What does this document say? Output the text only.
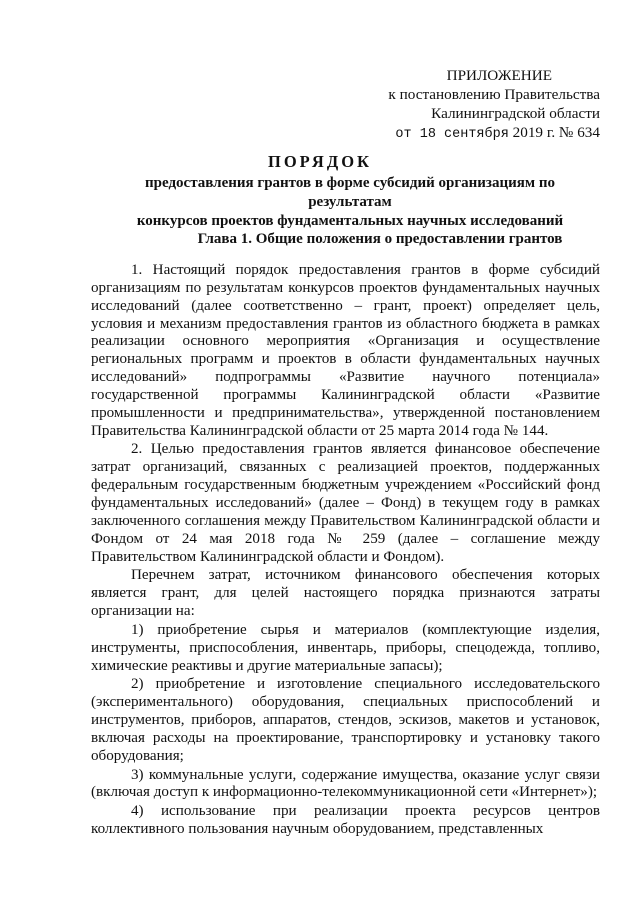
ПРИЛОЖЕНИЕ
к постановлению Правительства
Калининградской области
от 18 сентября 2019 г. № 634
ПОРЯДОК
предоставления грантов в форме субсидий организациям по результатам
конкурсов проектов фундаментальных научных исследований
Глава 1. Общие положения о предоставлении грантов

1. Настоящий порядок предоставления грантов в форме субсидий организациям по результатам конкурсов проектов фундаментальных научных исследований (далее соответственно – грант, проект) определяет цель, условия и механизм предоставления грантов из областного бюджета в рамках реализации основного мероприятия «Организация и осуществление региональных программ и проектов в области фундаментальных научных исследований» подпрограммы «Развитие научного потенциала» государственной программы Калининградской области «Развитие промышленности и предпринимательства», утвержденной постановлением Правительства Калининградской области от 25 марта 2014 года № 144.

2. Целью предоставления грантов является финансовое обеспечение затрат организаций, связанных с реализацией проектов, поддержанных федеральным государственным бюджетным учреждением «Российский фонд фундаментальных исследований» (далее – Фонд) в текущем году в рамках заключенного соглашения между Правительством Калининградской области и Фондом от 24 мая 2018 года № 259 (далее – соглашение между Правительством Калининградской области и Фондом).

Перечнем затрат, источником финансового обеспечения которых является грант, для целей настоящего порядка признаются затраты организации на:

1) приобретение сырья и материалов (комплектующие изделия, инструменты, приспособления, инвентарь, приборы, спецодежда, топливо, химические реактивы и другие материальные запасы);

2) приобретение и изготовление специального исследовательского (экспериментального) оборудования, специальных приспособлений и инструментов, приборов, аппаратов, стендов, эскизов, макетов и установок, включая расходы на проектирование, транспортировку и установку такого оборудования;

3) коммунальные услуги, содержание имущества, оказание услуг связи (включая доступ к информационно-телекоммуникационной сети «Интернет»);

4) использование при реализации проекта ресурсов центров коллективного пользования научным оборудованием, представленных
